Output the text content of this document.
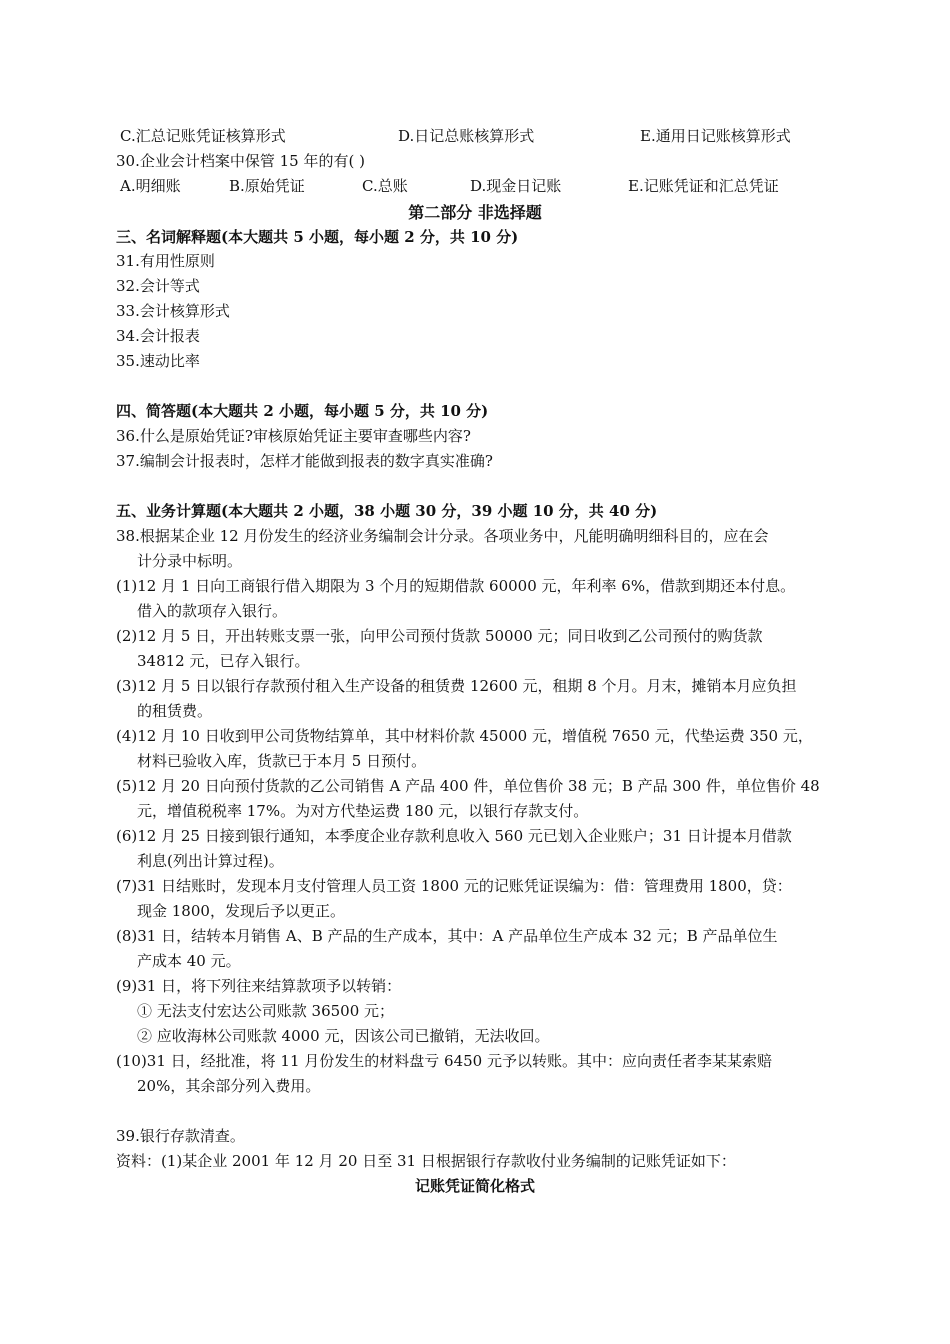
C.汇总记账凭证核算形式	D.日记总账核算形式	E.通用日记账核算形式
30.企业会计档案中保管 15 年的有( )
A.明细账	B.原始凭证	C.总账	D.现金日记账	E.记账凭证和汇总凭证
第二部分 非选择题
三、名词解释题(本大题共 5 小题，每小题 2 分，共 10 分)
31.有用性原则
32.会计等式
33.会计核算形式
34.会计报表
35.速动比率
四、简答题(本大题共 2 小题，每小题 5 分，共 10 分)
36.什么是原始凭证?审核原始凭证主要审查哪些内容?
37.编制会计报表时，怎样才能做到报表的数字真实准确?
五、业务计算题(本大题共 2 小题，38 小题 30 分，39 小题 10 分，共 40 分)
38.根据某企业 12 月份发生的经济业务编制会计分录。各项业务中，凡能明确明细科目的，应在会
计分录中标明。
(1)12 月 1 日向工商银行借入期限为 3 个月的短期借款 60000 元，年利率 6%，借款到期还本付息。
借入的款项存入银行。
(2)12 月 5 日，开出转账支票一张，向甲公司预付货款 50000 元；同日收到乙公司预付的购货款
34812 元，已存入银行。
(3)12 月 5 日以银行存款预付租入生产设备的租赁费 12600 元，租期 8 个月。月末，摊销本月应负担
的租赁费。
(4)12 月 10 日收到甲公司货物结算单，其中材料价款 45000 元，增值税 7650 元，代垫运费 350 元，
材料已验收入库，货款已于本月 5 日预付。
(5)12 月 20 日向预付货款的乙公司销售 A 产品 400 件，单位售价 38 元；B 产品 300 件，单位售价 48
元，增值税税率 17%。为对方代垫运费 180 元，以银行存款支付。
(6)12 月 25 日接到银行通知，本季度企业存款利息收入 560 元已划入企业账户；31 日计提本月借款
利息(列出计算过程)。
(7)31 日结账时，发现本月支付管理人员工资 1800 元的记账凭证误编为：借：管理费用 1800，贷：
现金 1800，发现后予以更正。
(8)31 日，结转本月销售 A、B 产品的生产成本，其中：A 产品单位生产成本 32 元；B 产品单位生
产成本 40 元。
(9)31 日，将下列往来结算款项予以转销：
① 无法支付宏达公司账款 36500 元；
② 应收海林公司账款 4000 元，因该公司已撤销，无法收回。
(10)31 日，经批准，将 11 月份发生的材料盘亏 6450 元予以转账。其中：应向责任者李某某索赔
20%，其余部分列入费用。
39.银行存款清查。
资料：(1)某企业 2001 年 12 月 20 日至 31 日根据银行存款收付业务编制的记账凭证如下：
记账凭证简化格式
